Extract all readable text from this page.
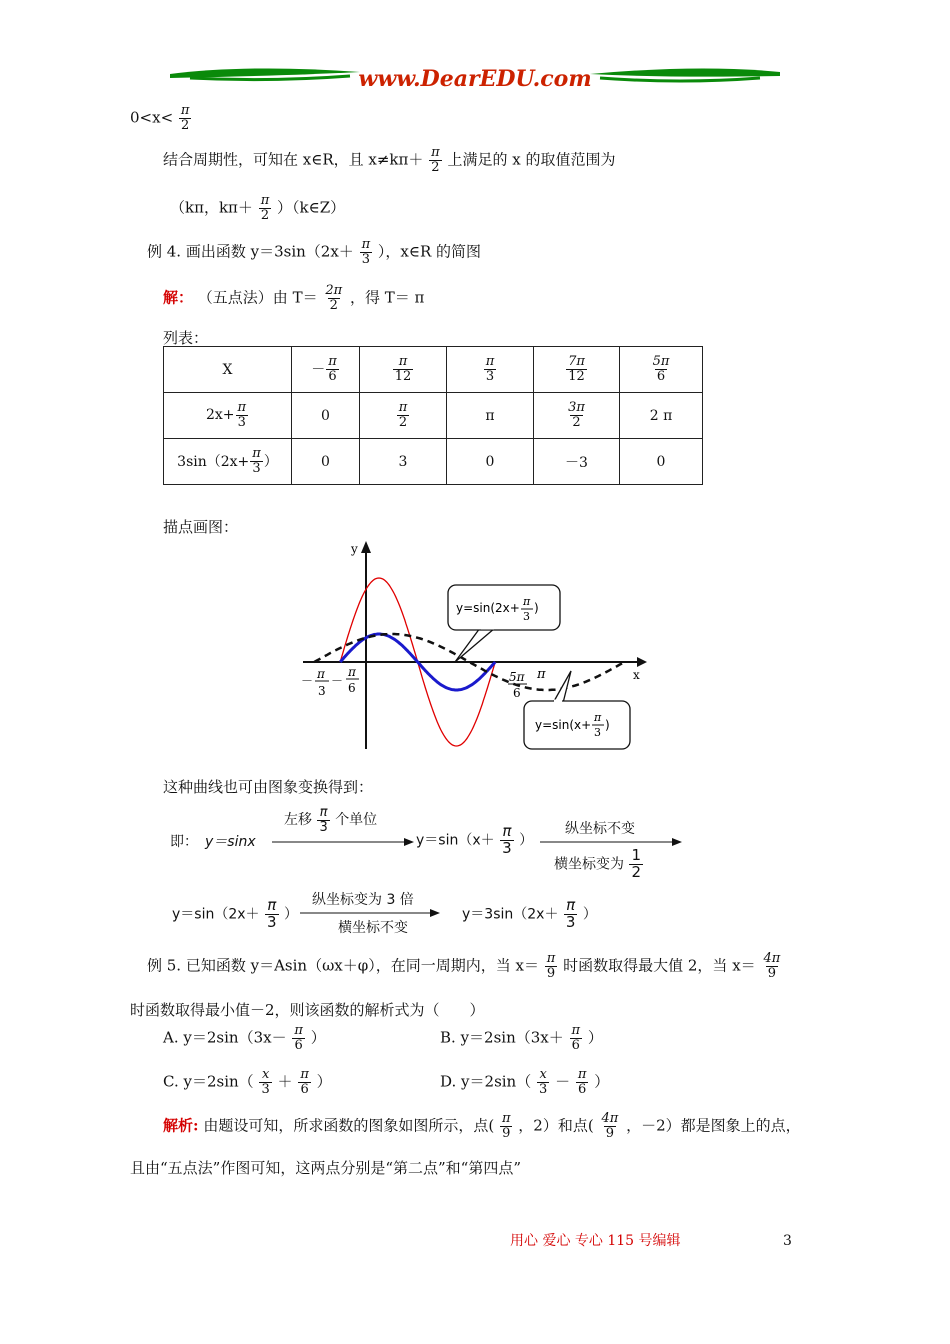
www.DearEDU.com
$0<x< \frac{\pi}{2}$
结合周期性，可知在 x∈R，且 $x\ne k\pi+ \frac{\pi}{2}$ 上满足的 x 的取值范围为
（kπ，$k\pi+ \frac{\pi}{2}$ ）（k∈Z）
例 4. 画出函数 $y=3\sin(2x+ \frac{\pi}{3}$ ），x∈R 的简图
解： （五点法）由 $T= \frac{2\pi}{2}$ ，得 T＝ π
列表：
X	－ $\frac{\pi}{6}$	$\frac{\pi}{12}$	$\frac{\pi}{3}$	$\frac{7\pi}{12}$	$\frac{5\pi}{6}$

$2x+ \frac{\pi}{3}$	0	$\frac{\pi}{2}$	π	$\frac{3\pi}{2}$	2 π
$3\sin(2x+ \frac{\pi}{3}$ ）	0	3	0	－3	0
描点画图：
y
x
－ π
3
－
π
6
5π
6
π
y=sin(2x+ π
3
)
y=sin(x+
π
3
)
这种曲线也可由图象变换得到：
即： y＝sinx
左移 $\frac{\pi}{3}$ 个单位
$y=\sin(x+ \frac{\pi}{3}$ ）
纵坐标不变
横坐标变为 $\frac{1}{2}$
$y=\sin(2x+ \frac{\pi}{3}$ ）
纵坐标变为 3 倍
横坐标不变
$y=3\sin(2x+ \frac{\pi}{3}$ ）
例 5. 已知函数 y＝Asin（ωx＋φ），在同一周期内，当 $x= \frac{\pi}{9}$ 时函数取得最大值 2，当 $x= \frac{4\pi}{9}$
时函数取得最小值－2，则该函数的解析式为（　　）
A. $y=2\sin(3x- \frac{\pi}{6}$ ）	B. $y=2\sin(3x+ \frac{\pi}{6}$ ）
C. $y=2\sin( \frac{x}{3} + \frac{\pi}{6}$ ）	D. $y=2\sin( \frac{x}{3} - \frac{\pi}{6}$ ）
解析: 由题设可知，所求函数的图象如图所示，点( $\frac{\pi}{9}$ ，2）和点( $\frac{4\pi}{9}$ ，－2）都是图象上的点，
且由“五点法”作图可知，这两点分别是“第二点”和“第四点”
用心 爱心 专心 115 号编辑	3
